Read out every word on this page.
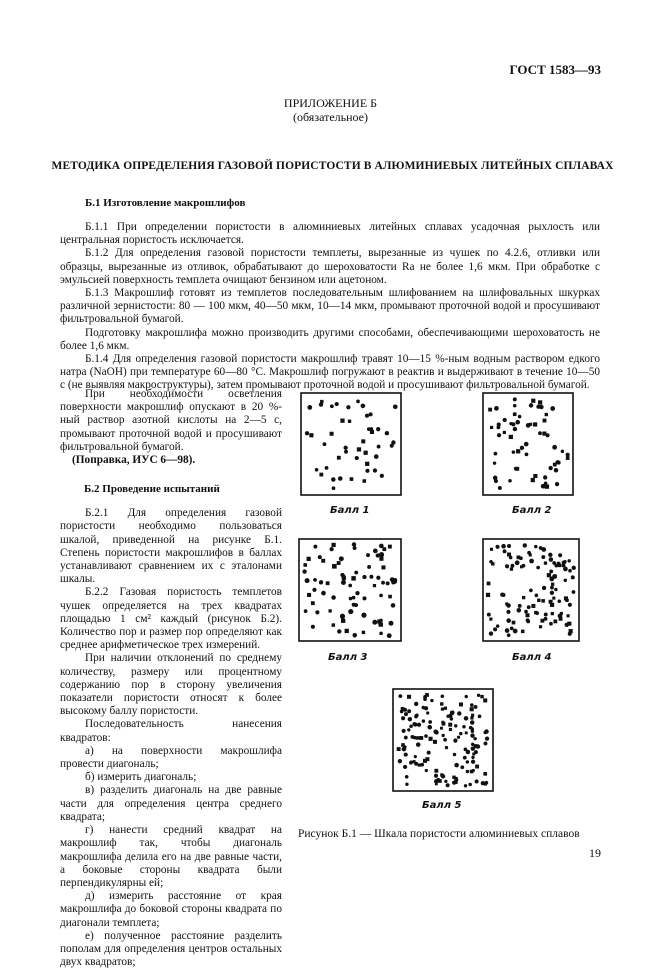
ГОСТ 1583—93
ПРИЛОЖЕНИЕ Б
(обязательное)
МЕТОДИКА ОПРЕДЕЛЕНИЯ ГАЗОВОЙ ПОРИСТОСТИ В АЛЮМИНИЕВЫХ ЛИТЕЙНЫХ СПЛАВАХ
Б.1 Изготовление макрошлифов

Б.1.1 При определении пористости в алюминиевых литейных сплавах усадочная рыхлость или центральная пористость исключается.

Б.1.2 Для определения газовой пористости темплеты, вырезанные из чушек по 4.2.6, отливки или образцы, вырезанные из отливок, обрабатывают до шероховатости Ra не более 1,6 мкм. При обработке с эмульсией поверхность темплета очищают бензином или ацетоном.

Б.1.3 Макрошлиф готовят из темплетов последовательным шлифованием на шлифовальных шкурках различной зернистости: 80 — 100 мкм, 40—50 мкм, 10—14 мкм, промывают проточной водой и просушивают фильтровальной бумагой.

Подготовку макрошлифа можно производить другими способами, обеспечивающими шероховатость не более 1,6 мкм.

Б.1.4 Для определения газовой пористости макрошлиф травят 10—15 %-ным водным раствором едкого натра (NaOH) при температуре 60—80 °С. Макрошлиф погружают в реактив и выдерживают в течение 10—50 с (не выявляя макроструктуры), затем промывают проточной водой и просушивают фильтровальной бумагой.

При необходимости осветления поверхности макрошлиф опускают в 20 %-ный раствор азотной кислоты на 2—5 с, промывают проточной водой и просушивают фильтровальной бумагой.

(Поправка, ИУС 6—98).

Б.2 Проведение испытаний

Б.2.1 Для определения газовой пористости необходимо пользоваться шкалой, приведенной на рисунке Б.1. Степень пористости макрошлифов в баллах устанавливают сравнением их с эталонами шкалы.

Б.2.2 Газовая пористость темплетов чушек определяется на трех квадратах площадью 1 см² каждый (рисунок Б.2). Количество пор и размер пор определяют как среднее арифметическое трех измерений.

При наличии отклонений по среднему количеству, размеру или процентному содержанию пор в сторону увеличения показатели пористости относят к более высокому баллу пористости.

Последовательность нанесения квадратов:

а) на поверхности макрошлифа провести диагональ;

б) измерить диагональ;

в) разделить диагональ на две равные части для определения центра среднего квадрата;

г) нанести средний квадрат на макрошлиф так, чтобы диагональ макрошлифа делила его на две равные части, а боковые стороны квадрата были перпендикулярны ей;

д) измерить расстояние от края макрошлифа до боковой стороны квадрата по диагонали темплета;

е) полученное расстояние разделить пополам для определения центров остальных двух квадратов;

Балл 1	Балл 2
Балл 3	Балл 4
Балл 5
Рисунок Б.1 — Шкала пористости алюминиевых сплавов
19
